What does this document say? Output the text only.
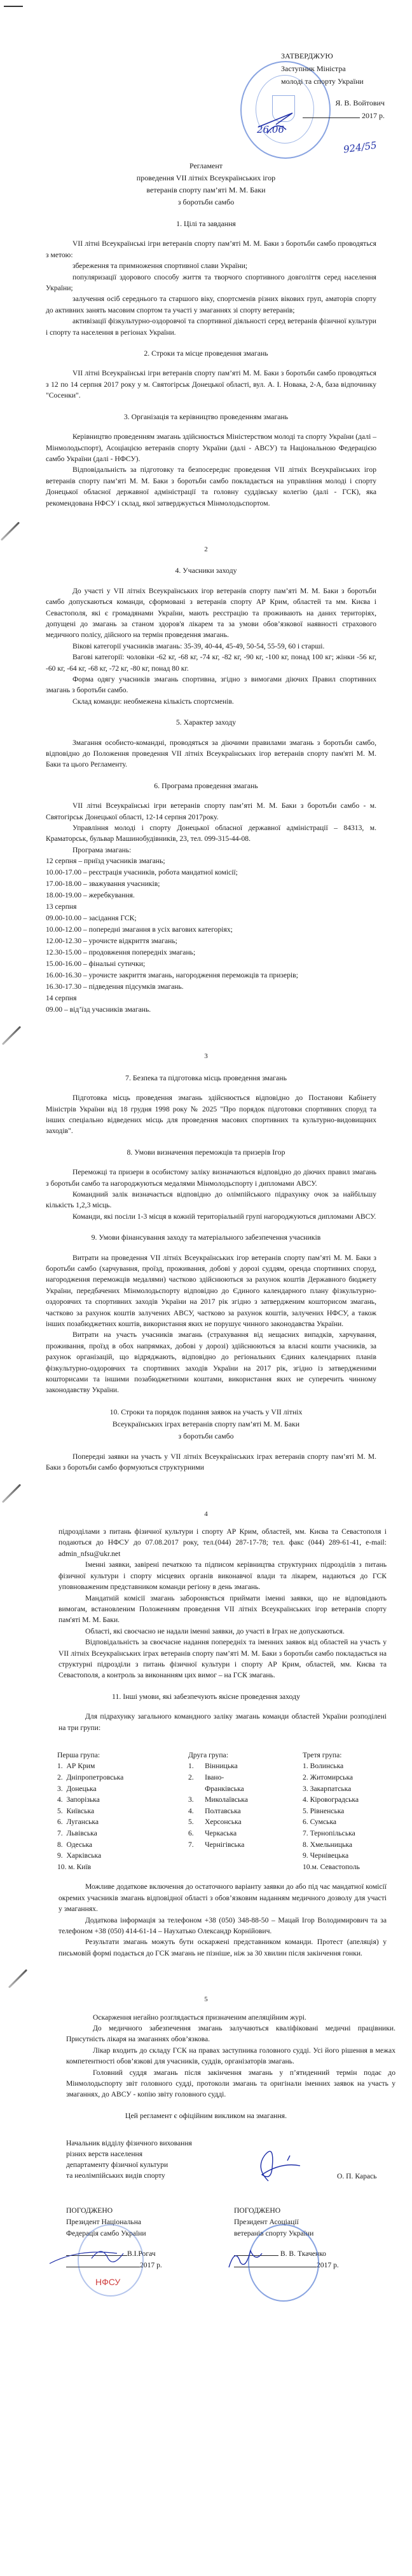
ЗАТВЕРДЖУЮ
Заступник Міністра
молоді та спорту України
Я. В. Войтович
2017 р.
26.06
924/55
Регламент
проведення VII літніх Всеукраїнських ігор
ветеранів спорту пам’яті М. М. Баки
з боротьби самбо
1. Цілі та завдання
VII літні Всеукраїнські ігри ветеранів спорту пам’яті М. М. Баки з боротьби самбо проводяться з метою:
збереження та примноження спортивної слави України;
популяризації здорового способу життя та творчого спортивного довголіття серед населення України;
залучення осіб середнього та старшого віку, спортсменів різних вікових груп, аматорів спорту до активних занять масовим спортом та участі у змаганнях зі спорту ветеранів;
активізації фізкультурно-оздоровчої та спортивної діяльності серед ветеранів фізичної культури і спорту та населення в регіонах України.
2. Строки та місце проведення змагань
VII літні Всеукраїнські ігри ветеранів спорту пам’яті М. М. Баки з боротьби самбо проводяться з 12 по 14 серпня 2017 року у м. Святогірськ Донецької області, вул. А. І. Новака, 2-А, база відпочинку "Сосенки".
3. Організація та керівництво проведенням змагань
Керівництво проведенням змагань здійснюється Міністерством молоді та спорту України (далі – Мінмолодьспорт), Асоціацією ветеранів спорту України (далі - АВСУ) та Національною Федерацією самбо України (далі - НФСУ).
Відповідальність за підготовку та безпосереднє проведення VII літніх Всеукраїнських ігор ветеранів спорту пам’яті М. М. Баки з боротьби самбо покладається на управління молоді і спорту Донецької обласної державної адміністрації та головну суддівську колегію (далі - ГСК), яка рекомендована НФСУ і склад, якої затверджується Мінмолодьспортом.
2
4. Учасники заходу
До участі у VII літніх Всеукраїнських ігор ветеранів спорту пам’яті М. М. Баки з боротьби самбо допускаються команди, сформовані з ветеранів спорту АР Крим, областей та мм. Києва і Севастополя, які є громадянами України, мають реєстрацію та проживають на даних територіях, допущені до змагань за станом здоров'я лікарем та за умови обов’язкової наявності страхового медичного полісу, дійсного на термін проведення змагань.
Вікові категорії учасників змагань: 35-39, 40-44, 45-49, 50-54, 55-59, 60 і старші.
Вагові категорії: чоловіки -62 кг, -68 кг, -74 кг, -82 кг, -90 кг, -100 кг, понад 100 кг; жінки -56 кг, -60 кг, -64 кг, -68 кг, -72 кг, -80 кг, понад 80 кг.
Форма одягу учасників змагань спортивна, згідно з вимогами діючих Правил спортивних змагань з боротьби самбо.
Склад команди: необмежена кількість спортсменів.
5. Характер заходу
Змагання особисто-командні, проводяться за діючими правилами змагань з боротьби самбо, відповідно до Положення проведення VII літніх Всеукраїнських ігор ветеранів спорту пам'яті М. М. Баки та цього Регламенту.
6. Програма проведення змагань
VII літні Всеукраїнські ігри ветеранів спорту пам’яті М. М. Баки з боротьби самбо - м. Святогірськ Донецької області, 12-14 серпня 2017року.
Управління молоді і спорту Донецької обласної державної адміністрації – 84313, м. Краматорськ, бульвар Машинобудівників, 23, тел. 099-315-44-08.
Програма змагань:
12 серпня – приїзд учасників змагань;
10.00-17.00 – реєстрація учасників, робота мандатної комісії;
17.00-18.00 – зважування учасників;
18.00-19.00 – жеребкування.
13 серпня
09.00-10.00 – засідання ГСК;
10.00-12.00 – попередні змагання в усіх вагових категоріях;
12.00-12.30 – урочисте відкриття змагань;
12.30-15.00 – продовження попередніх змагань;
15.00-16.00 – фінальні сутички;
16.00-16.30 – урочисте закриття змагань, нагородження переможців та призерів;
16.30-17.30 – підведення підсумків змагань.
14 серпня
09.00 – від’їзд учасників змагань.
3
7. Безпека та підготовка місць проведення змагань
Підготовка місць проведення змагань здійснюється відповідно до Постанови Кабінету Міністрів України від 18 грудня 1998 року № 2025 "Про порядок підготовки спортивних споруд та інших спеціально відведених місць для проведення масових спортивних та культурно-видовищних заходів".
8. Умови визначення переможців та призерів Ігор
Переможці та призери в особистому заліку визначаються відповідно до діючих правил змагань з боротьби самбо та нагороджуються медалями Мінмолодьспорту і дипломами АВСУ.
Командний залік визначається відповідно до олімпійського підрахунку очок за найбільшу кількість 1,2,3 місць.
Команди, які посіли 1-3 місця в кожній територіальній групі нагороджуються дипломами АВСУ.
9. Умови фінансування заходу та матеріального забезпечення учасників
Витрати на проведення VII літніх Всеукраїнських ігор ветеранів спорту пам’яті М. М. Баки з боротьби самбо (харчування, проїзд, проживання, добові у дорозі суддям, оренда спортивних споруд, нагородження переможців медалями) частково здійснюються за рахунок коштів Державного бюджету України, передбачених Мінмолодьспорту відповідно до Єдиного календарного плану фізкультурно-оздоровчих та спортивних заходів України на 2017 рік згідно з затвердженим кошторисом змагань, частково за рахунок коштів залучених АВСУ, частково за рахунок коштів, залучених НФСУ, а також інших позабюджетних коштів, використання яких не порушує чинного законодавства України.
Витрати на участь учасників змагань (страхування від нещасних випадків, харчування, проживання, проїзд в обох напрямках, добові у дорозі) здійснюються за власні кошти учасників, за рахунок організацій, що відряджають, відповідно до регіональних Єдиних календарних планів фізкультурно-оздоровчих та спортивних заходів України на 2017 рік, згідно із затвердженими кошторисами та іншими позабюджетними коштами, використання яких не суперечить чинному законодавству України.
10. Строки та порядок подання заявок на участь у VII літніх
Всеукраїнських іграх ветеранів спорту пам’яті М. М. Баки
з боротьби самбо
Попередні заявки на участь у VII літніх Всеукраїнських іграх ветеранів спорту пам’яті М. М. Баки з боротьби самбо формуються структурними
4
підрозділами з питань фізичної культури і спорту АР Крим, областей, мм. Києва та Севастополя і подаються до НФСУ до 07.08.2017 року, тел.(044) 287-17-78; тел. факс (044) 289-61-41, e-mail: admin_nfsu@ukr.net
Іменні заявки, завірені печаткою та підписом керівництва структурних підрозділів з питань фізичної культури і спорту місцевих органів виконавчої влади та лікарем, надаються до ГСК уповноваженим представником команди регіону в день змагань.
Мандатній комісії змагань забороняється приймати іменні заявки, що не відповідають вимогам, встановленим Положенням проведення VII літніх Всеукраїнських ігор ветеранів спорту пам'яті М. М. Баки.
Області, які своєчасно не надали іменні заявки, до участі в Іграх не допускаються.
Відповідальність за своєчасне надання попередніх та іменних заявок від областей на участь у VII літніх Всеукраїнських іграх ветеранів спорту пам’яті М. М. Баки з боротьби самбо покладається на структурні підрозділи з питань фізичної культури і спорту АР Крим, областей, мм. Києва та Севастополя, а контроль за виконанням цих вимог – на ГСК змагань.
11. Інші умови, які забезпечують якісне проведення заходу
Для підрахунку загального командного заліку змагань команди областей України розподілені на три групи:
Перша група:
1.  АР Крим
2.  Дніпропетровська
3.  Донецька
4.  Запорізька
5.  Київська
6.  Луганська
7.  Львівська
8.  Одеська
9.  Харківська
10. м. Київ
Друга група:
1.      Вінницька
2.      Івано-
Франківська
3.      Миколаївська
4.      Полтавська
5.      Херсонська
6.      Черкаська
7.      Чернігівська
Третя група:
1. Волинська
2. Житомирська
3. Закарпатська
4. Кіровоградська
5. Рівненська
6. Сумська
7. Тернопільська
8. Хмельницька
9. Чернівецька
10.м. Севастополь
Можливе додаткове включення до остаточного варіанту заявки до або під час мандатної комісії окремих учасників змагань відповідної області з обов’язковим наданням медичного дозволу для участі у змаганнях.
Додаткова інформація за телефоном +38 (050) 348-88-50 – Мацай Ігор Володимирович та за телефоном +38 (050) 414-61-14 – Наухатько Олександр Корнійович.
Результати змагань можуть бути оскаржені представником команди. Протест (апеляція) у письмовій формі подається до ГСК змагань не пізніше, ніж за 30 хвилин після закінчення гонки.
5
Оскарження негайно розглядається призначеним апеляційним журі.
До медичного забезпечення змагань залучаються кваліфіковані медичні працівники. Присутність лікаря на змаганнях обов’язкова.
Лікар входить до складу ГСК на правах заступника головного судді. Усі його рішення в межах компетентності обов’язкові для учасників, суддів, організаторів змагань.
Головний суддя змагань після закінчення змагань у п’ятиденний термін подає до Мінмолодьспорту звіт головного судді, протоколи змагань та оригінали іменних заявок на участь у змаганнях, до АВСУ - копію звіту головного судді.
Цей регламент є офіційним викликом на змагання.
Начальник відділу фізичного виховання
різних верств населення
департаменту фізичної культури
та неолімпійських видів спорту	О. П. Карась
ПОГОДЖЕНО
Президент Національна
Федерація самбо України
В.І.Рогач
2017 р.
НФСУ
ПОГОДЖЕНО
Президент Асоціації
ветеранів спорту України
В. В. Ткаченко
2017 р.
